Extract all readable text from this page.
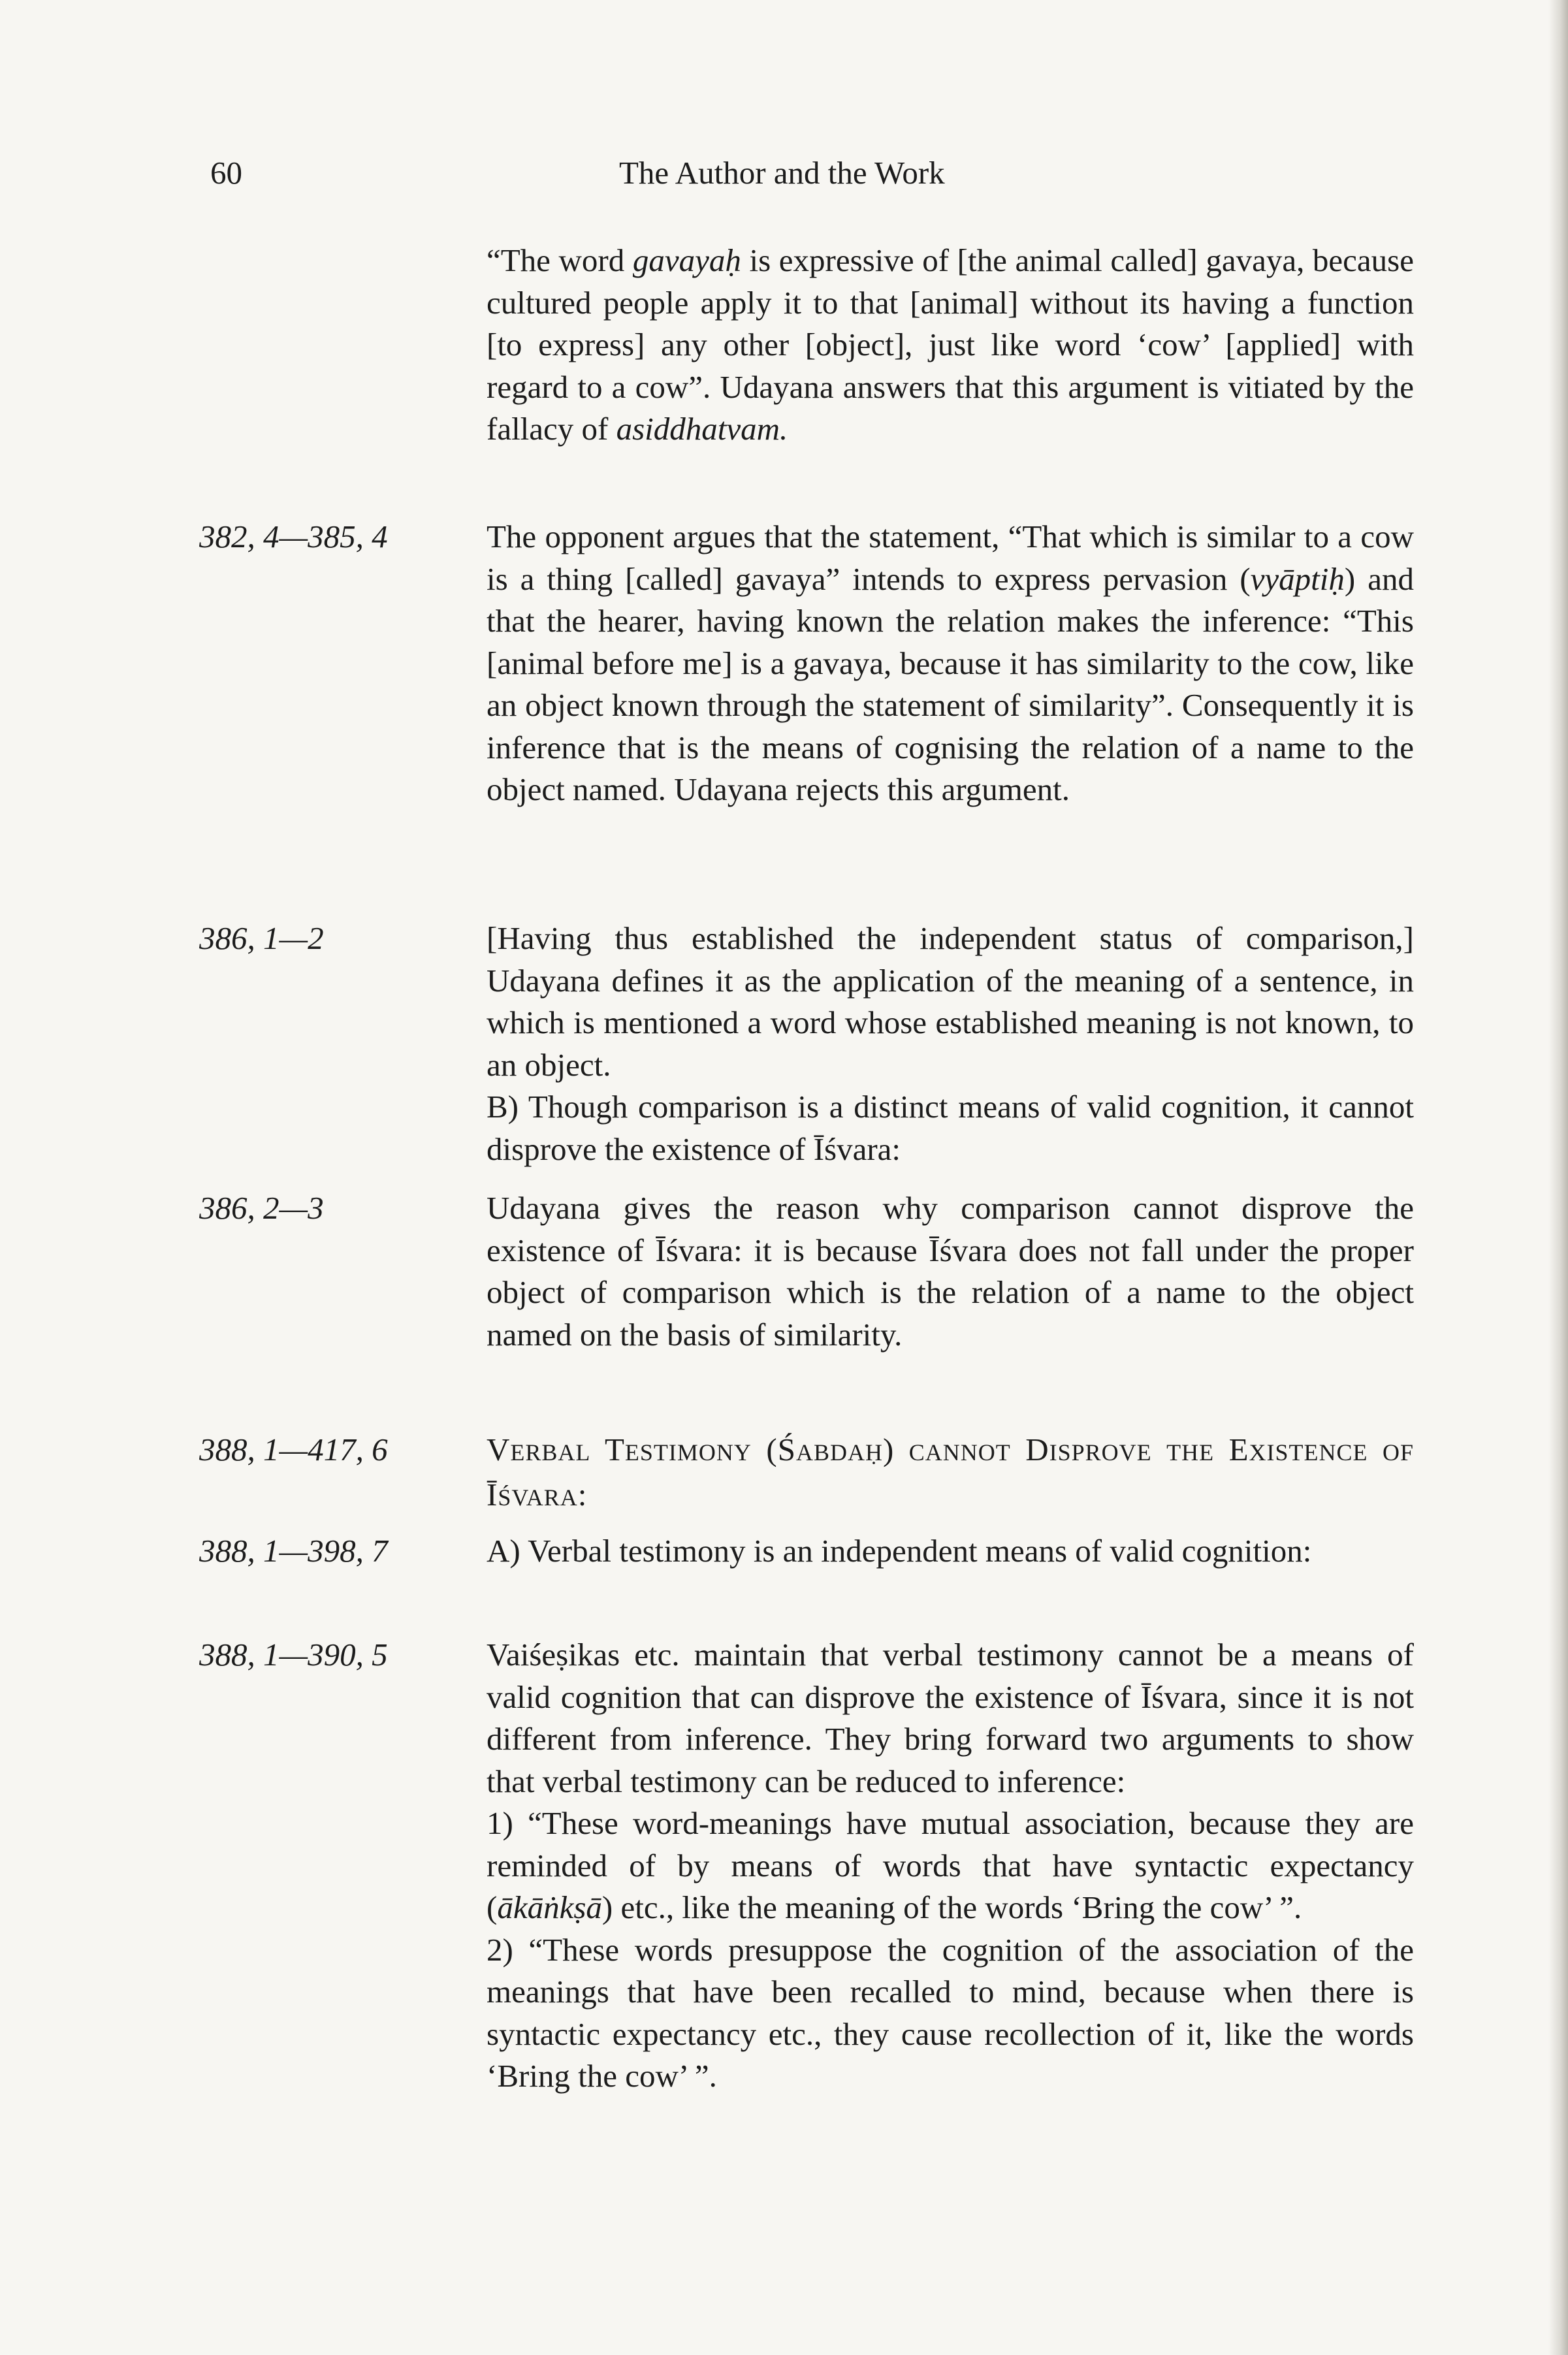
60	The Author and the Work

“The word gavayaḥ is expressive of [the animal called] gavaya, because cultured people apply it to that [animal] without its having a function [to express] any other [object], just like word ‘cow’ [applied] with regard to a cow”. Udayana answers that this argument is vitiated by the fallacy of asiddhatvam.

382, 4—385, 4	The opponent argues that the statement, “That which is similar to a cow is a thing [called] gavaya” intends to express pervasion (vyāptiḥ) and that the hearer, having known the relation makes the inference: “This [animal before me] is a gavaya, because it has similarity to the cow, like an object known through the statement of similarity”. Consequently it is inference that is the means of cognising the relation of a name to the object named. Udayana rejects this argument.

386, 1—2	[Having thus established the independent status of comparison,] Udayana defines it as the application of the meaning of a sentence, in which is mentioned a word whose established meaning is not known, to an object.

B) Though comparison is a distinct means of valid cognition, it cannot disprove the existence of Īśvara:

386, 2—3	Udayana gives the reason why comparison cannot disprove the existence of Īśvara: it is because Īśvara does not fall under the proper object of comparison which is the relation of a name to the object named on the basis of similarity.

388, 1—417, 6	VERBAL TESTIMONY (ŚABDAḤ) CANNOT DISPROVE THE EXISTENCE OF ĪŚVARA:

388, 1—398, 7	A) Verbal testimony is an independent means of valid cognition:

388, 1—390, 5	Vaiśeṣikas etc. maintain that verbal testimony cannot be a means of valid cognition that can disprove the existence of Īśvara, since it is not different from inference. They bring forward two arguments to show that verbal testimony can be reduced to inference:

1) “These word-meanings have mutual association, because they are reminded of by means of words that have syntactic expectancy (ākāṅkṣā) etc., like the meaning of the words ‘Bring the cow’ ”.

2) “These words presuppose the cognition of the association of the meanings that have been recalled to mind, because when there is syntactic expectancy etc., they cause recollection of it, like the words ‘Bring the cow’ ”.
